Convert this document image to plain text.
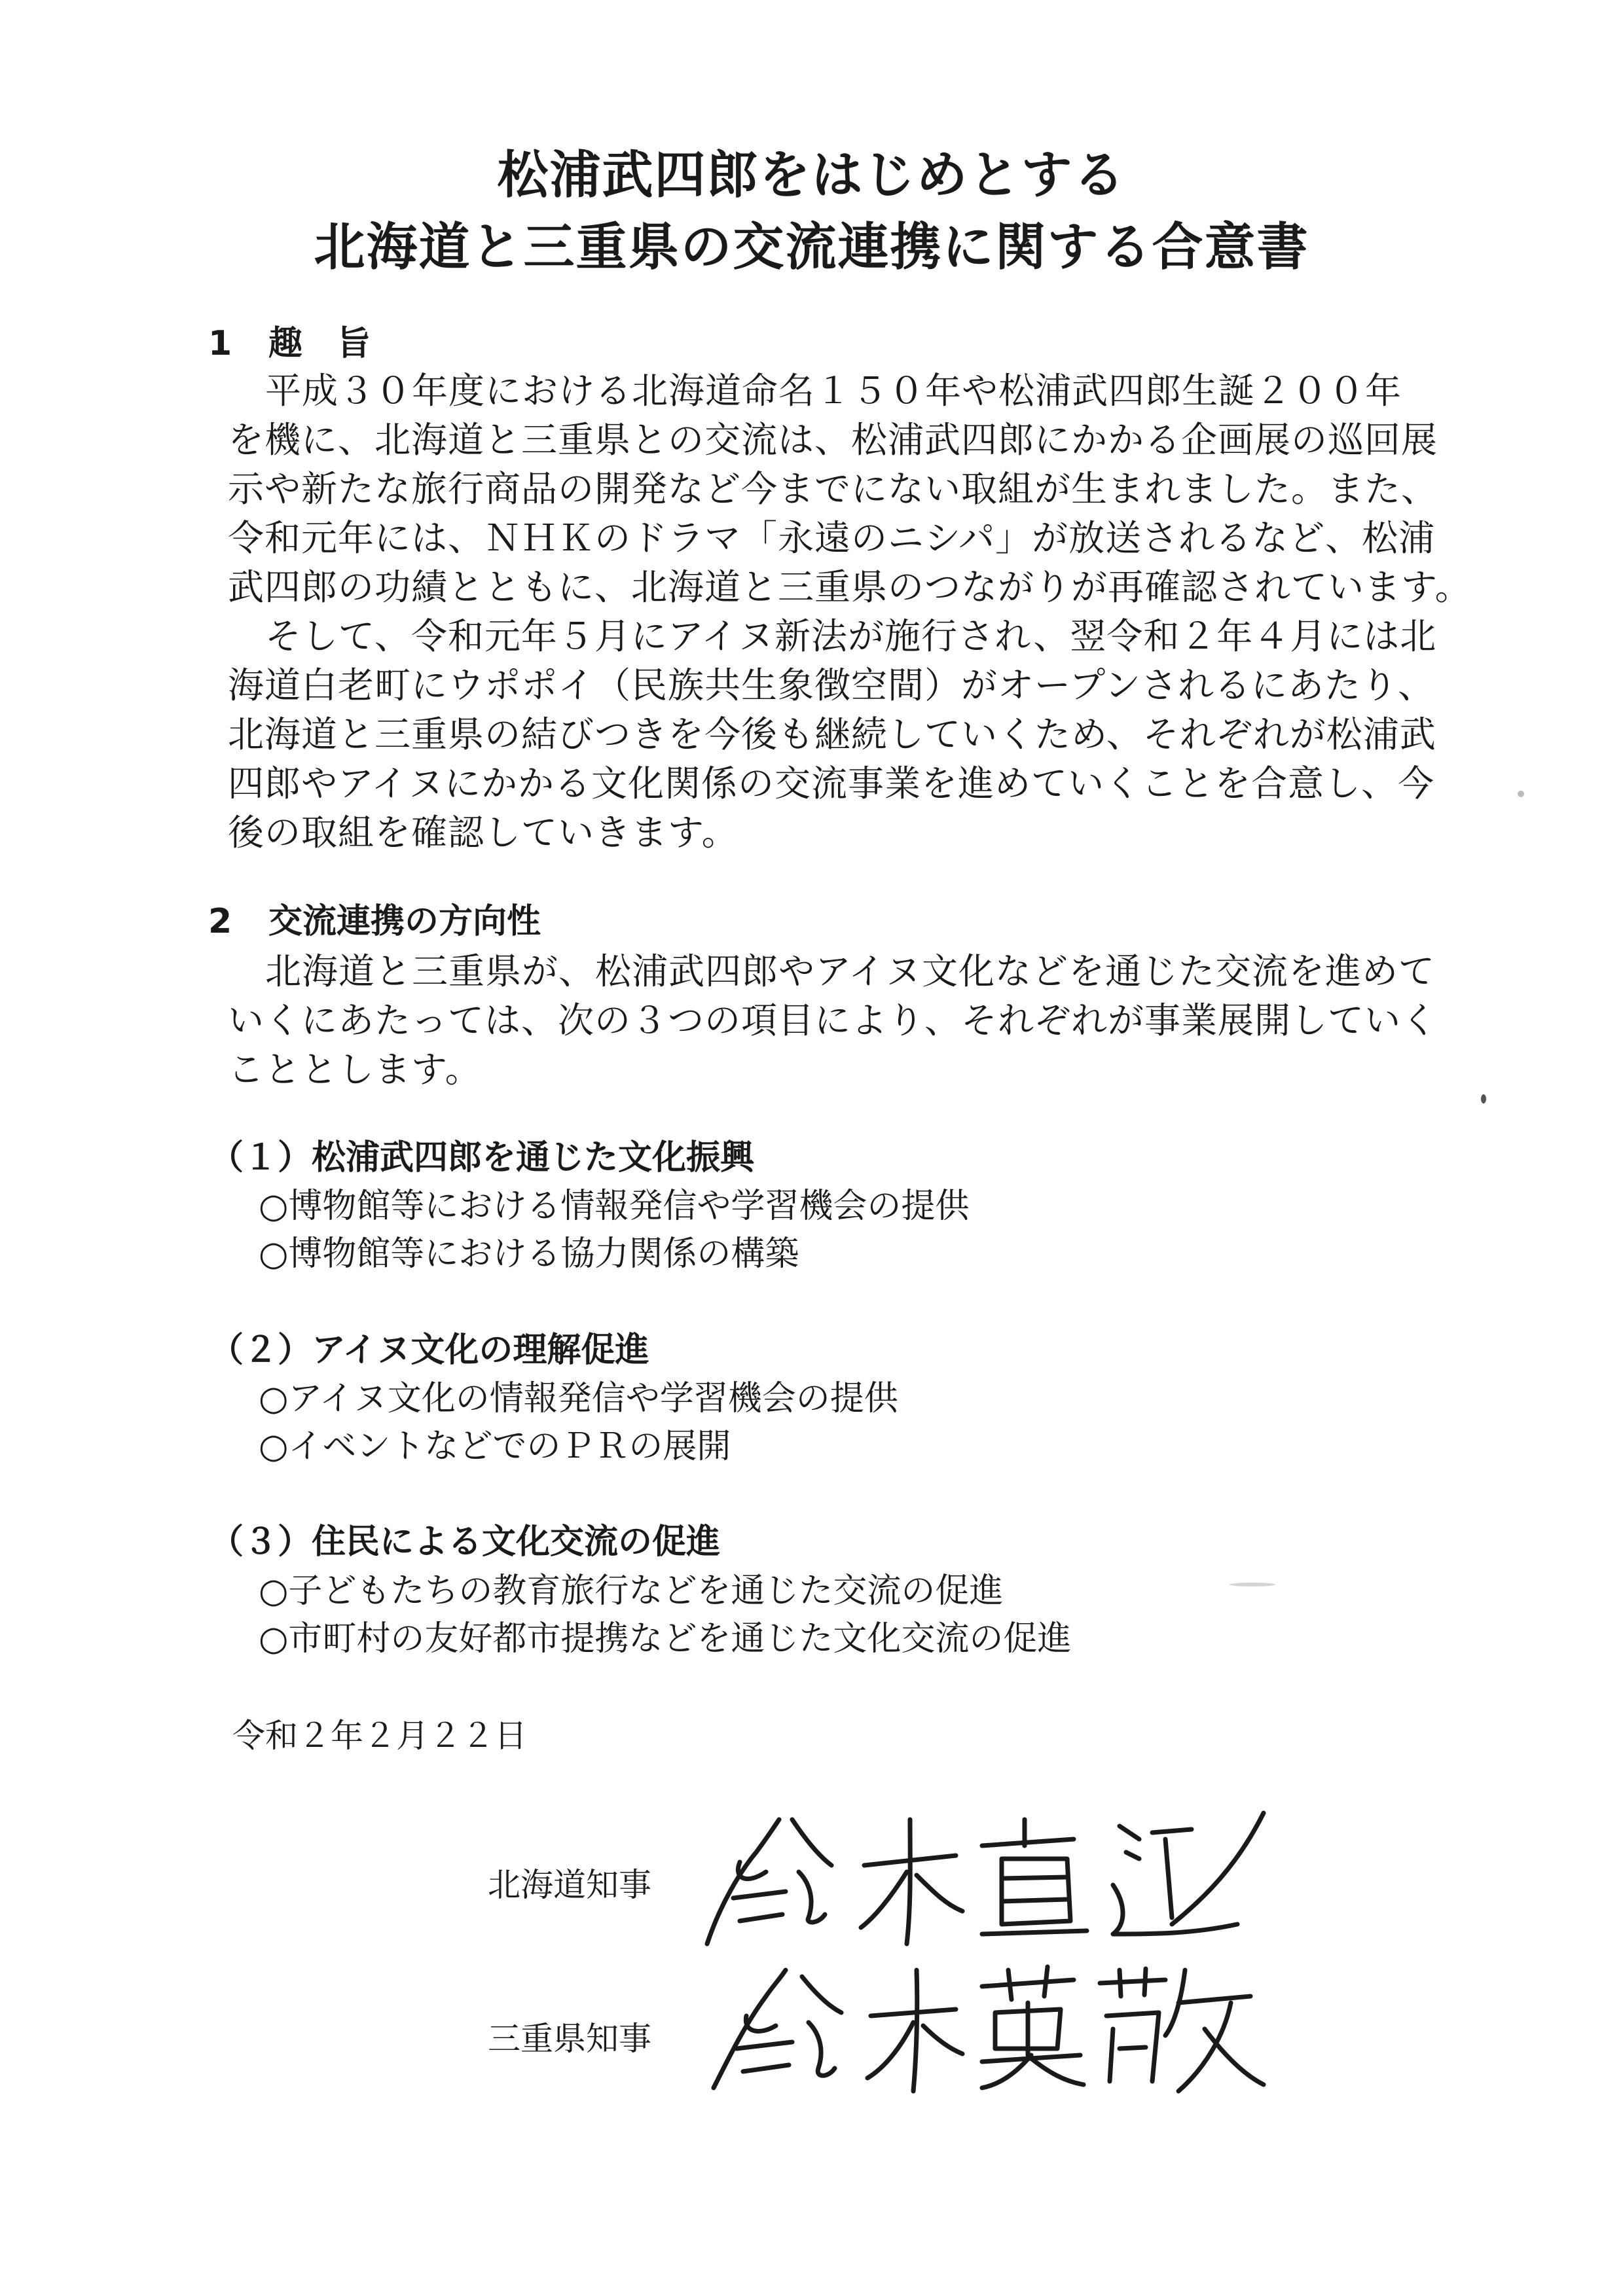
松浦武四郎をはじめとする
北海道と三重県の交流連携に関する合意書
1 趣　旨
平成３０年度における北海道命名１５０年や松浦武四郎生誕２００年
を機に、北海道と三重県との交流は、松浦武四郎にかかる企画展の巡回展
示や新たな旅行商品の開発など今までにない取組が生まれました。また、
令和元年には、ＮＨＫのドラマ「永遠のニシパ」が放送されるなど、松浦
武四郎の功績とともに、北海道と三重県のつながりが再確認されています。
そして、令和元年５月にアイヌ新法が施行され、翌令和２年４月には北
海道白老町にウポポイ（民族共生象徴空間）がオープンされるにあたり、
北海道と三重県の結びつきを今後も継続していくため、それぞれが松浦武
四郎やアイヌにかかる文化関係の交流事業を進めていくことを合意し、今
後の取組を確認していきます。
2 交流連携の方向性
北海道と三重県が、松浦武四郎やアイヌ文化などを通じた交流を進めて
いくにあたっては、次の３つの項目により、それぞれが事業展開していく
こととします。
（１）松浦武四郎を通じた文化振興
○博物館等における情報発信や学習機会の提供
○博物館等における協力関係の構築
（２）アイヌ文化の理解促進
○アイヌ文化の情報発信や学習機会の提供
○イベントなどでのＰＲの展開
（３）住民による文化交流の促進
○子どもたちの教育旅行などを通じた交流の促進
○市町村の友好都市提携などを通じた文化交流の促進
令和２年２月２２日
北海道知事
三重県知事
